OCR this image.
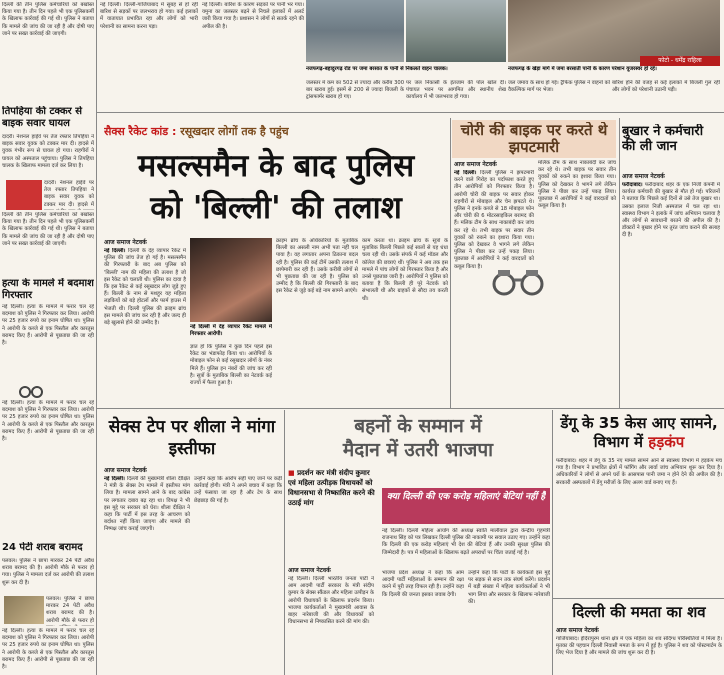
दिल्ली की तीन पुलिस कर्मचारियों को बर्खास्त किया गया है। तीन दिन पहले भी एक पुलिसकर्मी के खिलाफ कार्रवाई की गई थी। पुलिस ने बताया कि मामले की जांच की जा रही है और दोषी पाए जाने पर सख्त कार्रवाई की जाएगी।
तिपहिया की टक्कर से बाइक सवार घायल
दादरी। नेशनल हाईवे पर तेज रफ्तार तिपहिया ने बाइक सवार युवक को टक्कर मार दी। हादसे में युवक गंभीर रूप से घायल हो गया। राहगीरों ने घायल को अस्पताल पहुंचाया। पुलिस ने तिपहिया चालक के खिलाफ मामला दर्ज कर लिया है।
दादरी। नेशनल हाईवे पर तेज रफ्तार तिपहिया ने बाइक सवार युवक को टक्कर मार दी। हादसे में
दिल्ली की तीन पुलिस कर्मचारियों को बर्खास्त किया गया है। तीन दिन पहले भी एक पुलिसकर्मी के खिलाफ कार्रवाई की गई थी। पुलिस ने बताया कि मामले की जांच की जा रही है और दोषी पाए जाने पर सख्त कार्रवाई की जाएगी।
हत्या के मामले में बदमाश गिरफ्तार
नई दिल्ली। हत्या के मामले में फरार चल रहे बदमाश को पुलिस ने गिरफ्तार कर लिया। आरोपी पर 25 हजार रुपये का इनाम घोषित था। पुलिस ने आरोपी के कब्जे से एक पिस्तौल और कारतूस बरामद किए हैं। आरोपी से पूछताछ की जा रही है।
नई दिल्ली। हत्या के मामले में फरार चल रहे बदमाश को पुलिस ने गिरफ्तार कर लिया। आरोपी पर 25 हजार रुपये का इनाम घोषित था। पुलिस ने आरोपी के कब्जे से एक पिस्तौल और कारतूस बरामद किए हैं। आरोपी से पूछताछ की जा रही है।
24 पेटी शराब बरामद
पलवल। पुलिस ने छापा मारकर 24 पेटी अवैध शराब बरामद की है। आरोपी मौके से फरार हो गया। पुलिस ने मामला दर्ज कर आरोपी की तलाश शुरू कर दी है।
पलवल। पुलिस ने छापा मारकर 24 पेटी अवैध शराब बरामद की है। आरोपी मौके से फरार हो
नई दिल्ली। हत्या के मामले में फरार चल रहे बदमाश को पुलिस ने गिरफ्तार कर लिया। आरोपी पर 25 हजार रुपये का इनाम घोषित था। पुलिस ने आरोपी के कब्जे से एक पिस्तौल और कारतूस बरामद किए हैं। आरोपी से पूछताछ की जा रही है।
नई दिल्ली। दिल्ली-गाजियाबाद में सुबह से हो रही बारिश से सड़कों पर जलभराव हो गया। कई इलाकों में यातायात प्रभावित रहा और लोगों को भारी परेशानी का सामना करना पड़ा।
नई दिल्ली। बारिश के कारण सड़कों पर पानी भर गया। यमुना का जलस्तर बढ़ने से निचले इलाकों में अलर्ट जारी किया गया है। प्रशासन ने लोगों से सतर्क रहने की अपील की है।
फोटो - धर्मेंद्र राहिला
नजफगढ़-बहादुरगढ़ रोड पर जमा बरसात के पानी से निकलते वाहन चालक।	नजफगढ़ के खेड़ा मार्ग में जमा बरसाती पानी के कारण परेशान यूजरस्वर हो रहे।
जलस्तर में कम का 502 से ज्यादा और करीब 300 बार खराब हुई। इसमें से 200 से ज्यादा बिजली के ट्रांसफार्मर खराब हो गए।
पर जल निकासी के इंतजाम की पोल खोल दी। पंचायत भवन पर आगमित और स्थानीय शेख कार्यालय में भी जलभराव हो गया।
जल जमाव के साथ हो गई। ट्रैफिक पुलिस ने वाहनों को वैकल्पिक मार्ग पर भेजा।
बारिश होने की वजह से कई इलाकों में बिजली गुल रही और लोगों को परेशानी उठानी पड़ी।
सैक्स रैकेट कांड : रसूखदार लोगों तक है पहुंच
मसल्समैन के बाद पुलिस
को 'बिल्ली' की तलाश
आज समाज नेटवर्क
नई दिल्ली। दिल्ली के देह व्यापार रैकेट में पुलिस की जांच तेज हो गई है। मसल्समैन की गिरफ्तारी के बाद अब पुलिस को 'बिल्ली' नाम की महिला की तलाश है जो इस रैकेट को चलाती थी। पुलिस का दावा है कि इस रैकेट से कई रसूखदार लोग जुड़े हुए हैं। बिल्ली के नाम से मशहूर यह महिला लड़कियों को बड़े होटलों और फार्म हाउस में भेजती थी। दिल्ली पुलिस की क्राइम ब्रांच इस मामले की जांच कर रही है और जल्द ही बड़े खुलासे होने की उम्मीद है।
नई दिल्ली में देह व्यापार रैकेट मामले में गिरफ्तार आरोपी।
ज्ञात हो कि पुलिस ने कुछ दिन पहले इस रैकेट का भंडाफोड़ किया था। आरोपियों के मोबाइल फोन से कई रसूखदार लोगों के नंबर मिले हैं। पुलिस इन नंबरों की जांच कर रही है। सूत्रों के मुताबिक बिल्ली का नेटवर्क कई राज्यों में फैला हुआ है।
क्राइम ब्रांच के अधिकारियों के मुताबिक बिल्ली का असली नाम अभी पता नहीं चल पाया है। वह लगातार अपना ठिकाना बदल रही है। पुलिस की कई टीमें उसकी तलाश में छापेमारी कर रही हैं। उसके करीबी लोगों से भी पूछताछ की जा रही है। पुलिस को उम्मीद है कि बिल्ली की गिरफ्तारी के बाद इस रैकेट से जुड़े कई बड़े नाम सामने आएंगे।
काम करता था। क्राइम ब्रांच के सूत्रों के मुताबिक बिल्ली पिछले कई सालों से यह धंधा चला रही थी। उसके संपर्क में कई मॉडल और कॉलेज की छात्राएं थीं। पुलिस ने अब तक इस मामले में पांच लोगों को गिरफ्तार किया है और उनसे पूछताछ जारी है। आरोपियों ने पुलिस को बताया है कि बिल्ली ही पूरे नेटवर्क को संभालती थी और ग्राहकों से सौदा तय करती थी।
चोरी की बाइक पर करते थे झपटमारी
आज समाज नेटवर्क
नई दिल्ली। दिल्ली पुलिस ने झपटमारी करने वाले गिरोह का पर्दाफाश करते हुए तीन आरोपियों को गिरफ्तार किया है। आरोपी चोरी की बाइक पर सवार होकर राहगीरों से मोबाइल और चेन झपटते थे। पुलिस ने इनके कब्जे से 18 मोबाइल फोन और चोरी की 6 मोटरसाइकिल बरामद की हैं। मलिक टीम के साथ नाकाबंदी कर जांच कर रहे थे। तभी बाइक पर सवार तीन युवकों को रुकने का इशारा किया गया। पुलिस को देखकर वे भागने लगे लेकिन पुलिस ने पीछा कर उन्हें पकड़ लिया। पूछताछ में आरोपियों ने कई वारदातों को कबूल किया है।
मलिक टीम के साथ नाकाबंदी कर जांच कर रहे थे। तभी बाइक पर सवार तीन युवकों को रुकने का इशारा किया गया। पुलिस को देखकर वे भागने लगे लेकिन पुलिस ने पीछा कर उन्हें पकड़ लिया। पूछताछ में आरोपियों ने कई वारदातों को कबूल किया है।
बुखार ने कर्मचारी की ली जान
आज समाज नेटवर्क
फरीदाबाद। फरीदाबाद शहर के एक निजी कंपनी में कार्यरत कर्मचारी की बुखार से मौत हो गई। परिजनों ने बताया कि पिछले कई दिनों से उसे तेज बुखार था। उसका इलाज निजी अस्पताल में चल रहा था। स्वास्थ्य विभाग ने इलाके में जांच अभियान चलाया है और लोगों से सावधानी बरतने की अपील की है। डॉक्टरों ने बुखार होने पर तुरंत जांच कराने की सलाह दी है।
सेक्स टेप पर शीला ने मांगा इस्तीफा
आज समाज नेटवर्क
नई दिल्ली। दिल्ली की मुख्यमंत्री शीला दीक्षित ने मंत्री के सेक्स टेप मामले में इस्तीफा मांग लिया है। मामला सामने आने के बाद कांग्रेस पर लगातार दबाव बढ़ रहा था। विपक्ष ने भी इस मुद्दे पर सरकार को घेरा। शीला दीक्षित ने कहा कि पार्टी में इस तरह के आचरण को बर्दाश्त नहीं किया जाएगा और मामले की निष्पक्ष जांच कराई जाएगी।
उन्होंने कहा कि आरोप सही पाए जाने पर कड़ी कार्रवाई होगी। मंत्री ने अपने बचाव में कहा कि उन्हें फंसाया जा रहा है और टेप के साथ छेड़छाड़ की गई है।
बहनों के सम्मान में
मैदान में उतरी भाजपा
■ प्रदर्शन कर मंत्री संदीप कुमार एवं महिला उत्पीड़क विधायकों को विधानसभा से निष्कासित करने की उठाई मांग
आज समाज नेटवर्क
नई दिल्ली। दिल्ली भारतीय जनता पार्टी ने आम आदमी पार्टी सरकार के मंत्री संदीप कुमार के सेक्स स्कैंडल और महिला उत्पीड़न के आरोपी विधायकों के खिलाफ प्रदर्शन किया। भाजपा कार्यकर्ताओं ने मुख्यमंत्री आवास के बाहर नारेबाजी की और विधायकों को विधानसभा से निष्कासित करने की मांग की।
क्या दिल्ली की एक करोड़ महिलाएं बेटियां नहीं हैं
नई दिल्ली। दिल्ली महिला आयोग की अध्यक्ष स्वाति मालीवाल द्वारा केन्द्रीय गृहमंत्री राजनाथ सिंह को पत्र लिखकर दिल्ली पुलिस की नाकामी पर सवाल उठाए गए। उन्होंने कहा कि दिल्ली की एक करोड़ महिलाएं भी देश की बेटियां हैं और उनकी सुरक्षा पुलिस की जिम्मेदारी है। पत्र में महिलाओं के खिलाफ बढ़ते अपराधों पर चिंता जताई गई है।
भाजपा प्रदेश अध्यक्ष ने कहा कि आम आदमी पार्टी महिलाओं के सम्मान की रक्षा करने में पूरी तरह विफल रही है। उन्होंने कहा कि दिल्ली की जनता इसका जवाब देगी।
उन्होंने कहा कि पार्टी के कार्यकर्ता इस मुद्दे पर सड़क से सदन तक संघर्ष करेंगे। प्रदर्शन में बड़ी संख्या में महिला कार्यकर्ताओं ने भी भाग लिया और सरकार के खिलाफ नारेबाजी की।
डेंगू के 35 केस आए सामने, विभाग में हड़कंप
फरीदाबाद। शहर में डेंगू के 35 नए मामले सामने आने से स्वास्थ्य विभाग में हड़कंप मच गया है। विभाग ने प्रभावित क्षेत्रों में फॉगिंग और लार्वा जांच अभियान शुरू कर दिया है। अधिकारियों ने लोगों से अपने घरों के आसपास पानी जमा न होने देने की अपील की है। सरकारी अस्पतालों में डेंगू मरीजों के लिए अलग वार्ड बनाए गए हैं।
दिल्ली की ममता का शव
आज समाज नेटवर्क
गाजियाबाद। इंदिरापुरम थाना क्षेत्र में एक महिला का शव संदिग्ध परिस्थितियों में मिला है। मृतका की पहचान दिल्ली निवासी ममता के रूप में हुई है। पुलिस ने शव को पोस्टमार्टम के लिए भेज दिया है और मामले की जांच शुरू कर दी है।
